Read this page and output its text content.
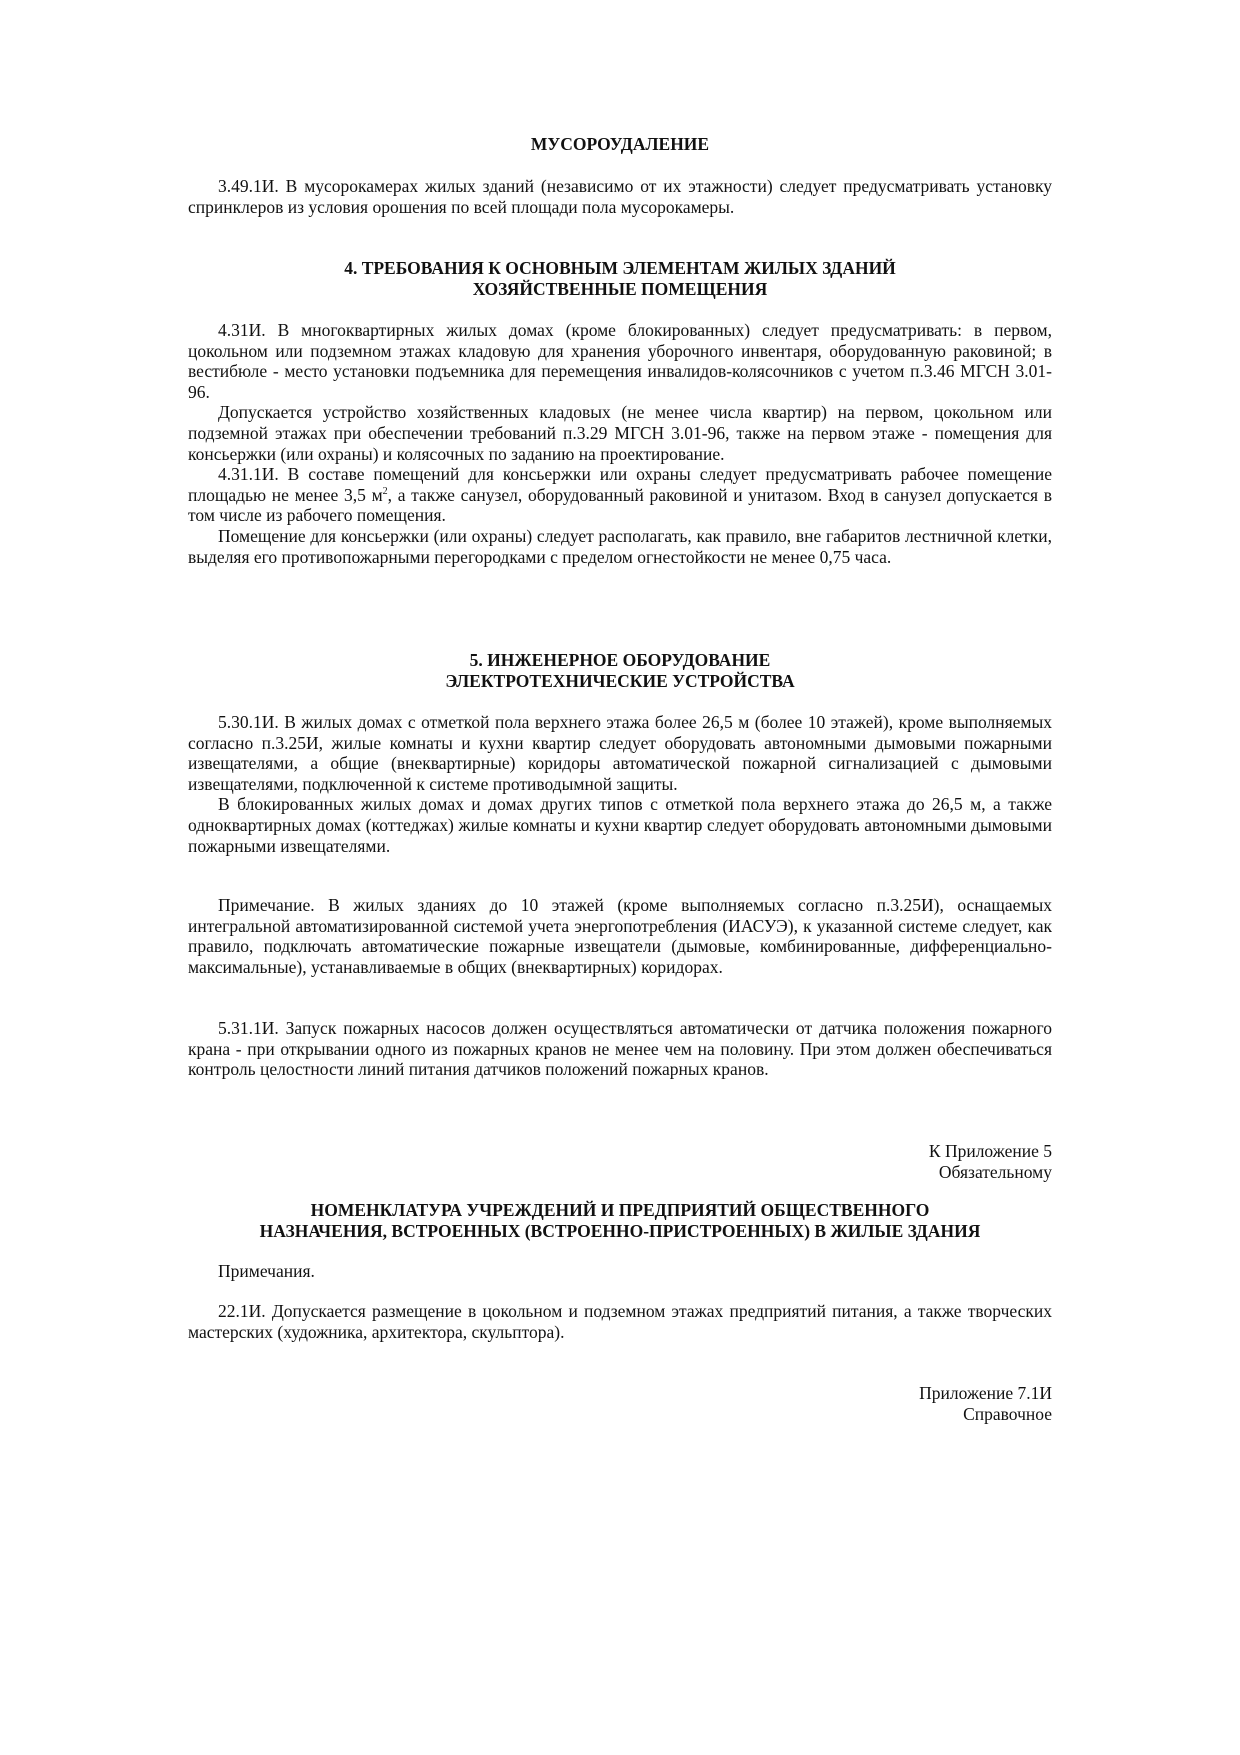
МУСОРОУДАЛЕНИЕ

3.49.1И. В мусорокамерах жилых зданий (независимо от их этажности) следует предусматривать установку спринклеров из условия орошения по всей площади пола мусорокамеры.

4. ТРЕБОВАНИЯ К ОСНОВНЫМ ЭЛЕМЕНТАМ ЖИЛЫХ ЗДАНИЙ
ХОЗЯЙСТВЕННЫЕ ПОМЕЩЕНИЯ

4.31И. В многоквартирных жилых домах (кроме блокированных) следует предусматривать: в первом, цокольном или подземном этажах кладовую для хранения уборочного инвентаря, оборудованную раковиной; в вестибюле - место установки подъемника для перемещения инвалидов-колясочников с учетом п.3.46 МГСН 3.01-96.

Допускается устройство хозяйственных кладовых (не менее числа квартир) на первом, цокольном или подземной этажах при обеспечении требований п.3.29 МГСН 3.01-96, также на первом этаже - помещения для консьержки (или охраны) и колясочных по заданию на проектирование.

4.31.1И. В составе помещений для консьержки или охраны следует предусматривать рабочее помещение площадью не менее 3,5 $м^2$, а также санузел, оборудованный раковиной и унитазом. Вход в санузел допускается в том числе из рабочего помещения.

Помещение для консьержки (или охраны) следует располагать, как правило, вне габаритов лестничной клетки, выделяя его противопожарными перегородками с пределом огнестойкости не менее 0,75 часа.

5. ИНЖЕНЕРНОЕ ОБОРУДОВАНИЕ
ЭЛЕКТРОТЕХНИЧЕСКИЕ УСТРОЙСТВА

5.30.1И. В жилых домах с отметкой пола верхнего этажа более 26,5 м (более 10 этажей), кроме выполняемых согласно п.3.25И, жилые комнаты и кухни квартир следует оборудовать автономными дымовыми пожарными извещателями, а общие (внеквартирные) коридоры автоматической пожарной сигнализацией с дымовыми извещателями, подключенной к системе противодымной защиты.

В блокированных жилых домах и домах других типов с отметкой пола верхнего этажа до 26,5 м, а также одноквартирных домах (коттеджах) жилые комнаты и кухни квартир следует оборудовать автономными дымовыми пожарными извещателями.

Примечание. В жилых зданиях до 10 этажей (кроме выполняемых согласно п.3.25И), оснащаемых интегральной автоматизированной системой учета энергопотребления (ИАСУЭ), к указанной системе следует, как правило, подключать автоматические пожарные извещатели (дымовые, комбинированные, дифференциально-максимальные), устанавливаемые в общих (внеквартирных) коридорах.

5.31.1И. Запуск пожарных насосов должен осуществляться автоматически от датчика положения пожарного крана - при открывании одного из пожарных кранов не менее чем на половину. При этом должен обеспечиваться контроль целостности линий питания датчиков положений пожарных кранов.

К Приложение 5

Обязательному

НОМЕНКЛАТУРА УЧРЕЖДЕНИЙ И ПРЕДПРИЯТИЙ ОБЩЕСТВЕННОГО
НАЗНАЧЕНИЯ, ВСТРОЕННЫХ (ВСТРОЕННО-ПРИСТРОЕННЫХ) В ЖИЛЫЕ ЗДАНИЯ

Примечания.

22.1И. Допускается размещение в цокольном и подземном этажах предприятий питания, а также творческих мастерских (художника, архитектора, скульптора).

Приложение 7.1И

Справочное
